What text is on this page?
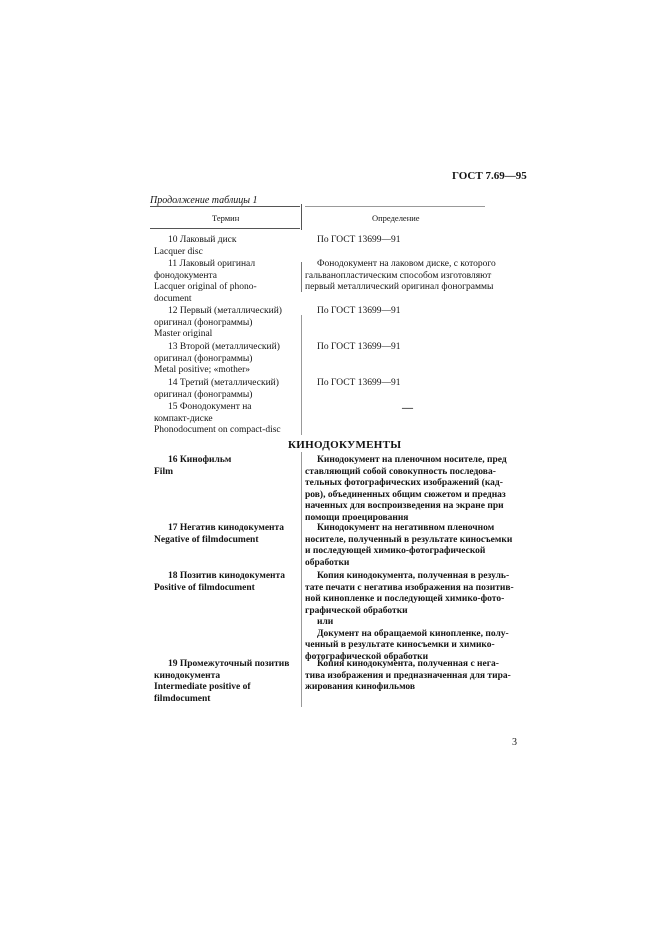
ГОСТ 7.69—95
Продолжение таблицы 1
Термин	Определение
10 Лаковый диск
Lacquer disc
По ГОСТ 13699—91
11 Лаковый оригинал
фонодокумента
Lacquer original of phono-
document
Фонодокумент на лаковом диске, с которого
гальванопластическим способом изготовляют
первый металлический оригинал фонограммы
12 Первый (металлический)
оригинал (фонограммы)
Master original
По ГОСТ 13699—91
13 Второй (металлический)
оригинал (фонограммы)
Metal positive; «mother»
По ГОСТ 13699—91
14 Третий (металлический)
оригинал (фонограммы)
По ГОСТ 13699—91
15 Фонодокумент на
компакт-диске
Phonodocument on compact-disc
—
КИНОДОКУМЕНТЫ
16 Кинофильм
Film
Кинодокумент на пленочном носителе, пред
ставляющий собой совокупность последова-
тельных фотографических изображений (кад-
ров), объединенных общим сюжетом и предназ
наченных для воспроизведения на экране при
помощи проецирования
17 Негатив кинодокумента
Negative of filmdocument
Кинодокумент на негативном пленочном
носителе, полученный в результате киносъемки
и последующей химико-фотографической
обработки
18 Позитив кинодокумента
Positive of filmdocument
Копия кинодокумента, полученная в резуль-
тате печати с негатива изображения на позитив-
ной кинопленке и последующей химико-фото-
графической обработки
или
Документ на обращаемой кинопленке, полу-
ченный в результате киносъемки и химико-
фотографической обработки
19 Промежуточный позитив
кинодокумента
Intermediate positive of
filmdocument
Копия кинодокумента, полученная с нега-
тива изображения и предназначенная для тира-
жирования кинофильмов
3
